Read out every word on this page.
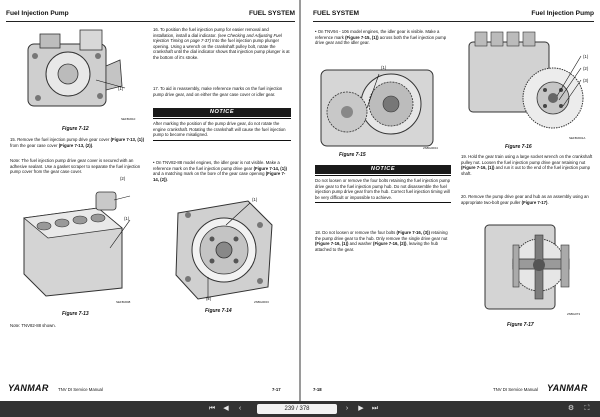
Fuel Injection Pump	FUEL SYSTEM
(1)
SEFBJ010
Figure 7-12
15. Remove the fuel injection pump drive gear cover (Figure 7-13, (1)) from the gear case cover (Figure 7-13, (2)).
Note: The fuel injection pump drive gear cover is secured with an adhesive sealant. Use a gasket scraper to separate the fuel injection pump cover from the gear case cover.
(2)
(1)
SEFBJ008
Figure 7-13
Note: TNV82-88 shown.
16. To position the fuel injection pump for easier removal and installation, install a dial indicator. (see Checking and Adjusting Fuel Injection Timing on page 7-37) Into the fuel injection pump plunger opening. Using a wrench on the crankshaft pulley bolt, rotate the crankshaft until the dial indicator shows that injection pump plunger is at the bottom of it's stroke.
17. To aid in reassembly, make reference marks on the fuel injection pump drive gear, and on either the gear case cover or idler gear.
NOTICE
After marking the position of the pump drive gear, do not rotate the engine crankshaft. Rotating the crankshaft will cause the fuel injection pump to become misaligned.
• On TNV82-88 model engines, the idler gear is not visible. Make a reference mark on the fuel injection pump drive gear (Figure 7-14, (1)) and a matching mark on the bore of the gear case opening (Figure 7-14, (2)).
(1)
(2)
2SBG0F03
Figure 7-14
YANMAR TNV DI Service Manual	7-17
FUEL SYSTEM	Fuel Injection Pump
• On TNV94 - 106 model engines, the idler gear is visible. Make a reference mark (Figure 7-15, (1)) across both the fuel injection pump drive gear and the idler gear.
(1)
2SBG0F04
Figure 7-15
NOTICE
Do not loosen or remove the four bolts retaining the fuel injection pump drive gear to the fuel injection pump hub. Do not disassemble the fuel injection pump drive gear from the hub. Correct fuel injection timing will be very difficult or impossible to achieve.
18. Do not loosen or remove the four bolts (Figure 7-16, (3)) retaining the pump drive gear to the hub. Only remove the single drive gear nut (Figure 7-16, (1)) and washer (Figure 7-16, (2)), leaving the hub attached to the gear.
(1)
(2)
(3)
SEFBJ001A
Figure 7-16
19. Hold the gear train using a large socket wrench on the crankshaft pulley nut. Loosen the fuel injection pump drive gear retaining nut (Figure 7-16, (1)) and run it out to the end of the fuel injection pump shaft.
20. Remove the pump drive gear and hub as an assembly using an appropriate two-bolt gear puller (Figure 7-17).
2SBG073
Figure 7-17
7-18	TNV DI Service Manual YANMAR
⏮	◀	‹	239 / 378	›	▶	⏭	⚙	⛶
